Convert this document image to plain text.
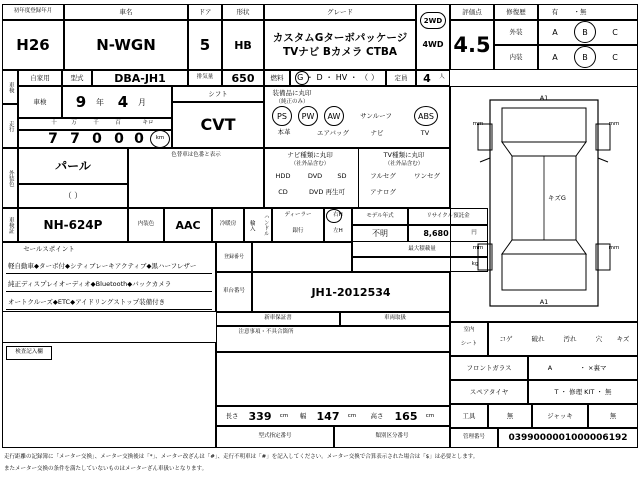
初年度登録年月	車名	ドア	形状	グレード
H26	N-WGN	5	HB
カスタムGターボパッケージ TVナビ Bカメラ CTBA
2WD
4WD
評価点
4.5
修復歴	有	・無
外装	A	B	C
内装	A	B	C
車検
自家用	型式	DBA-JH1	排気量	650	燃料	G ・ D ・ HV ・ （ ）	定員	4	人
車検	9	年 4	月
シフト
CVT
装備品に丸印
（純正のみ）
本革
PS	PW	AW	サンルーフ	ABS
エアバッグ	ナビ	TV
走行	十	万	千	百	キロ
7 7 0 0 0	km
外装色
パール
（ ）
色替車は色番と表示	ナビ種類に丸印
（社外品含む）
HDD	DVD	SD
CD	DVD 再生可
TV種類に丸印
（社外品含む）
フルセグ	ワンセグ
アナログ
車検証	NH-624P	内装色	AAC	冷暖房
ディーラー
銀行
右H
左H
輪入	ハンドル	モデル年式
不明
リサイクル預託金
8,680	円
最大積載量
kg
セールスポイント
軽自動車◆ターボ付◆シティブレーキアクティブ◆黒ハーフレザー
純正ディスプレイオーディオ◆Bluetooth◆バックカメラ
オートクルーズ◆ETC◆アイドリングストップ装備付き
車台番号	JH1-2012534
登録番号
新車保証書	車両取扱
注意事項・不具合箇所
検査記入欄
長さ 339	cm	幅 147	cm	高さ	165	cm
型式指定番号	類別区分番号
A1
A1
キズG
mm	mm
mm	mm
室内
シート
コゲ	破れ	汚れ	穴	キズ
フロントガラス	A	・ ×裏マ
スペアタイヤ	T ・ 修理 KIT ・ 無
工具	無	ジャッキ	無
管理番号	0399000001000006192
走行距離の記録簿に「メーター交換」、メーター交換後は「*」、メーター改ざんは「#」、走行不明車は「#」を記入してください。メーター交換で合算表示された場合は「$」は必要とします。
またメーター交換の条件を満たしていないものはメーターざん車扱いとなります。
